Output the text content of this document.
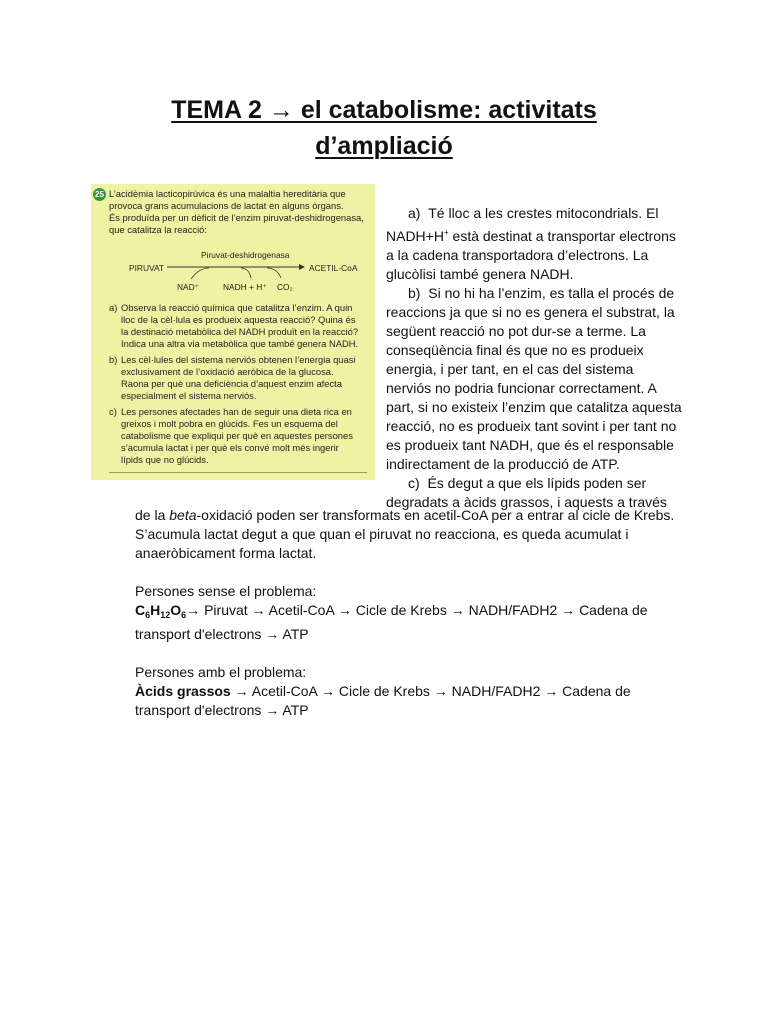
TEMA 2 → el catabolisme: activitats
d’ampliació
25 L’acidèmia lacticopirúvica és una malaltia hereditària que
provoca grans acumulacions de lactat en alguns òrgans.
És produïda per un dèficit de l’enzim piruvat-deshidrogenasa,
que catalitza la reacció:
Piruvat-deshidrogenasa
PIRUVAT	ACETIL-CoA
NAD⁺	NADH + H⁺ CO₂
a) Observa la reacció química que catalitza l’enzim. A quin
lloc de la cèl·lula es produeix aquesta reacció? Quina és
la destinació metabòlica del NADH produït en la reacció?
Indica una altra via metabòlica que també genera NADH.
b) Les cèl·lules del sistema nerviós obtenen l’energia quasi
exclusivament de l’oxidació aeròbica de la glucosa.
Raona per què una deficiència d’aquest enzim afecta
especialment el sistema nerviós.
c) Les persones afectades han de seguir una dieta rica en
greixos i molt pobra en glúcids. Fes un esquema del
catabolisme que expliqui per què en aquestes persones
s’acumula lactat i per què els convé molt més ingerir
lípids que no glúcids.
a) Té lloc a les crestes mitocondrials. El
NADH+H+ està destinat a transportar electrons
a la cadena transportadora d’electrons. La
glucòlisi també genera NADH.
b) Si no hi ha l’enzim, es talla el procés de
reaccions ja que si no es genera el substrat, la
següent reacció no pot dur-se a terme. La
conseqüència final és que no es produeix
energia, i per tant, en el cas del sistema
nerviós no podria funcionar correctament. A
part, si no existeix l’enzim que catalitza aquesta
reacció, no es produeix tant sovint i per tant no
es produeix tant NADH, que és el responsable
indirectament de la producció de ATP.
c) És degut a que els lípids poden ser
degradats a àcids grassos, i aquests a través
de la beta-oxidació poden ser transformats en acetil-CoA per a entrar al cicle de Krebs.
S’acumula lactat degut a que quan el piruvat no reacciona, es queda acumulat i
anaeròbicament forma lactat.
Persones sense el problema:
$C_6H_{12}O_6\to$ Piruvat → Acetil-CoA → Cicle de Krebs → NADH/FADH2 → Cadena de
transport d'electrons → ATP
Persones amb el problema:
Àcids grassos → Acetil-CoA → Cicle de Krebs → NADH/FADH2 → Cadena de
transport d'electrons → ATP
